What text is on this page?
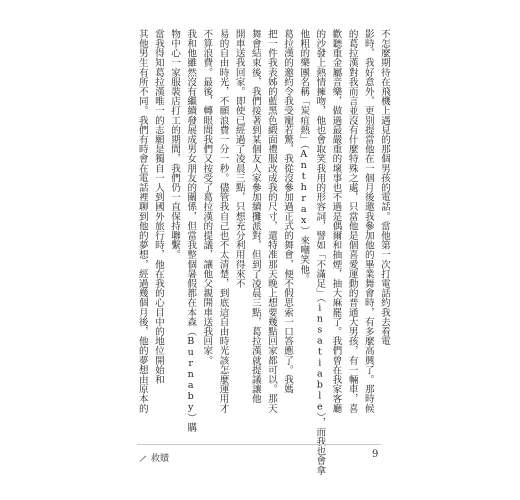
不怎麼期待在飛機上遇見的那個男孩的電話。當他第一次打電話約我去看電
影時，我好意外，更別提當他在一個月後邀我參加他的畢業舞會時，有多麼高興了。那時候
的葛拉漢對我而言並沒有什麼特殊之處，只當他是個喜愛運動的普通大男孩，有一輛車，喜
歡聽重金屬音樂，做過最嚴重的壞事也不過是偶爾和抽煙，抽大麻罷了。我們曾在我家客廳
的沙發上熱情擁吻，他也會取笑我用的形容詞，譬如「不滿足」（insatiable），而我也會拿
他粗的樂團名稱「炭疽熱」（Anthrax）來嘲笑他。
葛拉漢的邀約令我受寵若驚，我從沒參加過正式的舞會，便不假思索一口答應了。我媽
把一件我表姊的藍黑色緞面禮服改成我的尺寸，還特准那天晚上想要幾點回家都可以。那天
舞會結束後，我們接著到某個友人家參加續攤派對，但到了凌晨三點，葛拉漢就提議讓他
開車送我回家。即使已經過了凌晨三點，只想充分利用得來不
易的自由時光，不願浪費一分一秒。儘管我自己也不太清楚，到底這自由時光該怎麼運用才
不算浪費。最後，轉眼間我們又按受了葛拉漢的提議，讓他父親開車送我回家。
我和他雖然沒有繼續發展成男女朋友的關係，但當我整個暑假都在本森（Burnaby）購
物中心一家服裝店打工的期間，我們仍一直保持聯繫。
當我得知葛拉漢唯一的志願是獨自一人到國外旅行時，他在我的心目中的地位開始和
其他男生有所不同。我們有時會在電話裡聊到他的夢想，經過幾個月後，他的夢想由原本的
救贖	9
